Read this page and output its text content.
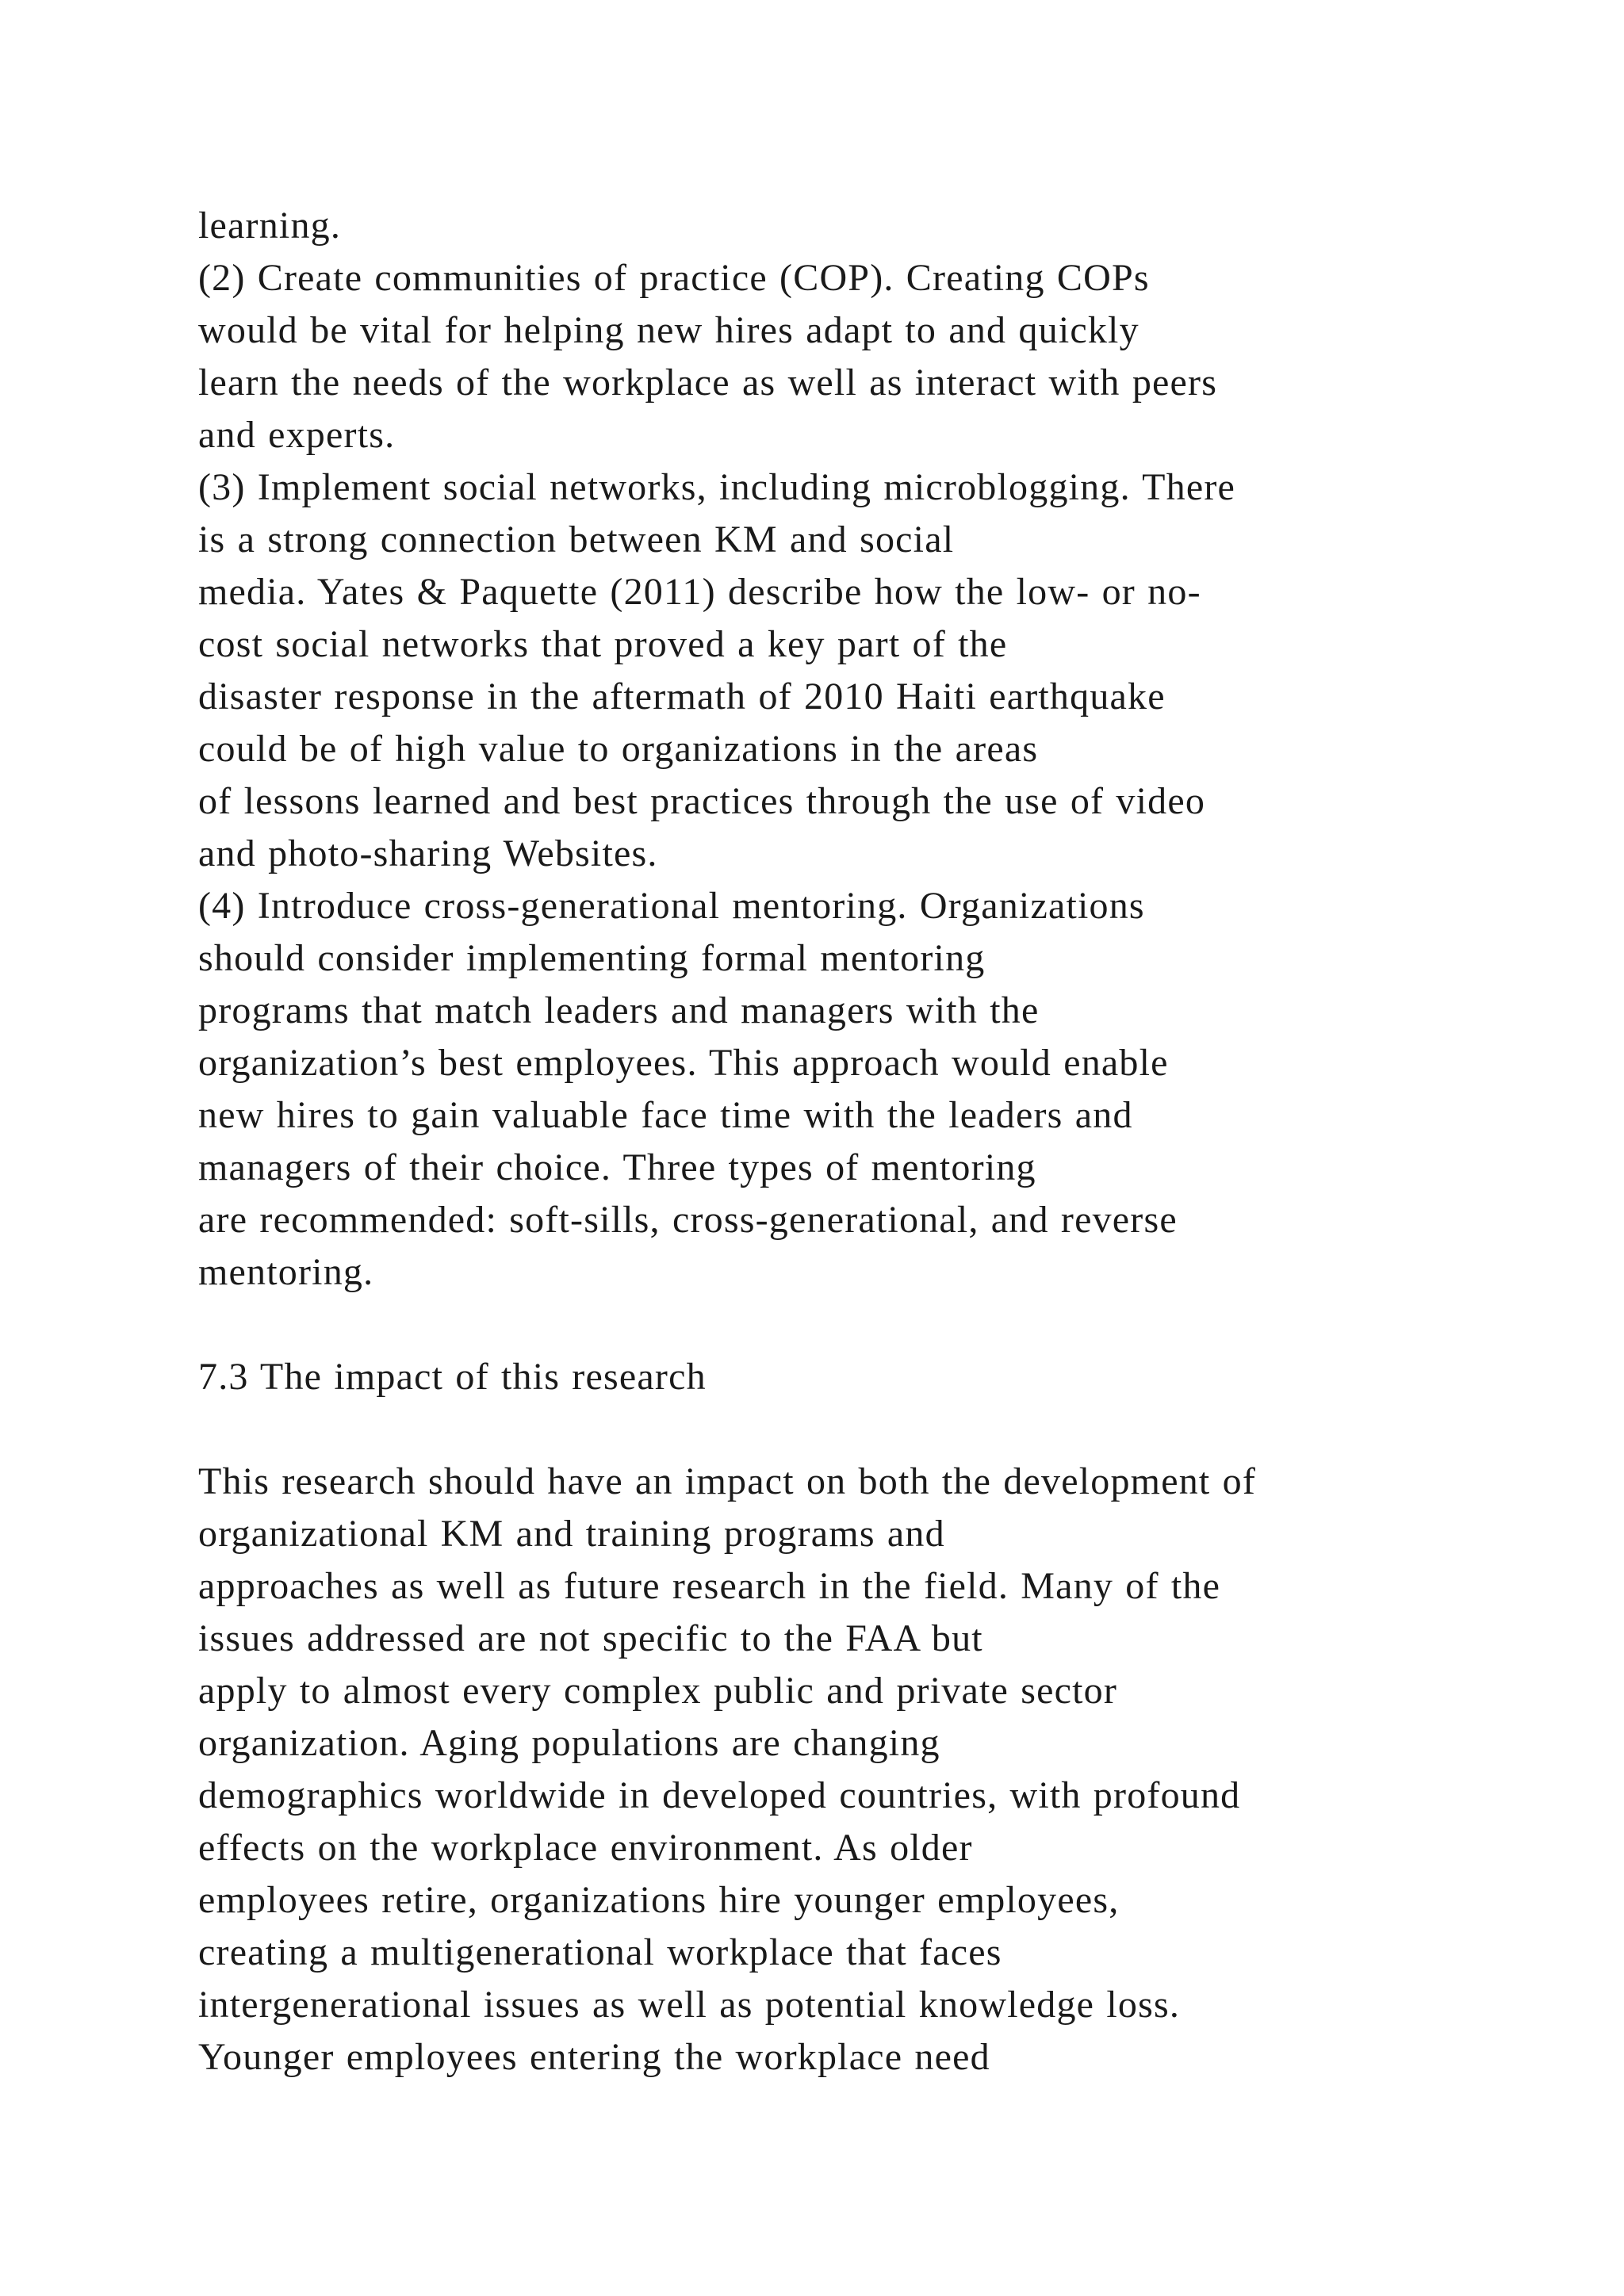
learning.
(2) Create communities of practice (COP). Creating COPs
would be vital for helping new hires adapt to and quickly
learn the needs of the workplace as well as interact with peers
and experts.
(3) Implement social networks, including microblogging. There
is a strong connection between KM and social
media. Yates & Paquette (2011) describe how the low- or no-
cost social networks that proved a key part of the
disaster response in the aftermath of 2010 Haiti earthquake
could be of high value to organizations in the areas
of lessons learned and best practices through the use of video
and photo-sharing Websites.
(4) Introduce cross-generational mentoring. Organizations
should consider implementing formal mentoring
programs that match leaders and managers with the
organization’s best employees. This approach would enable
new hires to gain valuable face time with the leaders and
managers of their choice. Three types of mentoring
are recommended: soft-sills, cross-generational, and reverse
mentoring.
7.3 The impact of this research
This research should have an impact on both the development of
organizational KM and training programs and
approaches as well as future research in the field. Many of the
issues addressed are not specific to the FAA but
apply to almost every complex public and private sector
organization. Aging populations are changing
demographics worldwide in developed countries, with profound
effects on the workplace environment. As older
employees retire, organizations hire younger employees,
creating a multigenerational workplace that faces
intergenerational issues as well as potential knowledge loss.
Younger employees entering the workplace need
